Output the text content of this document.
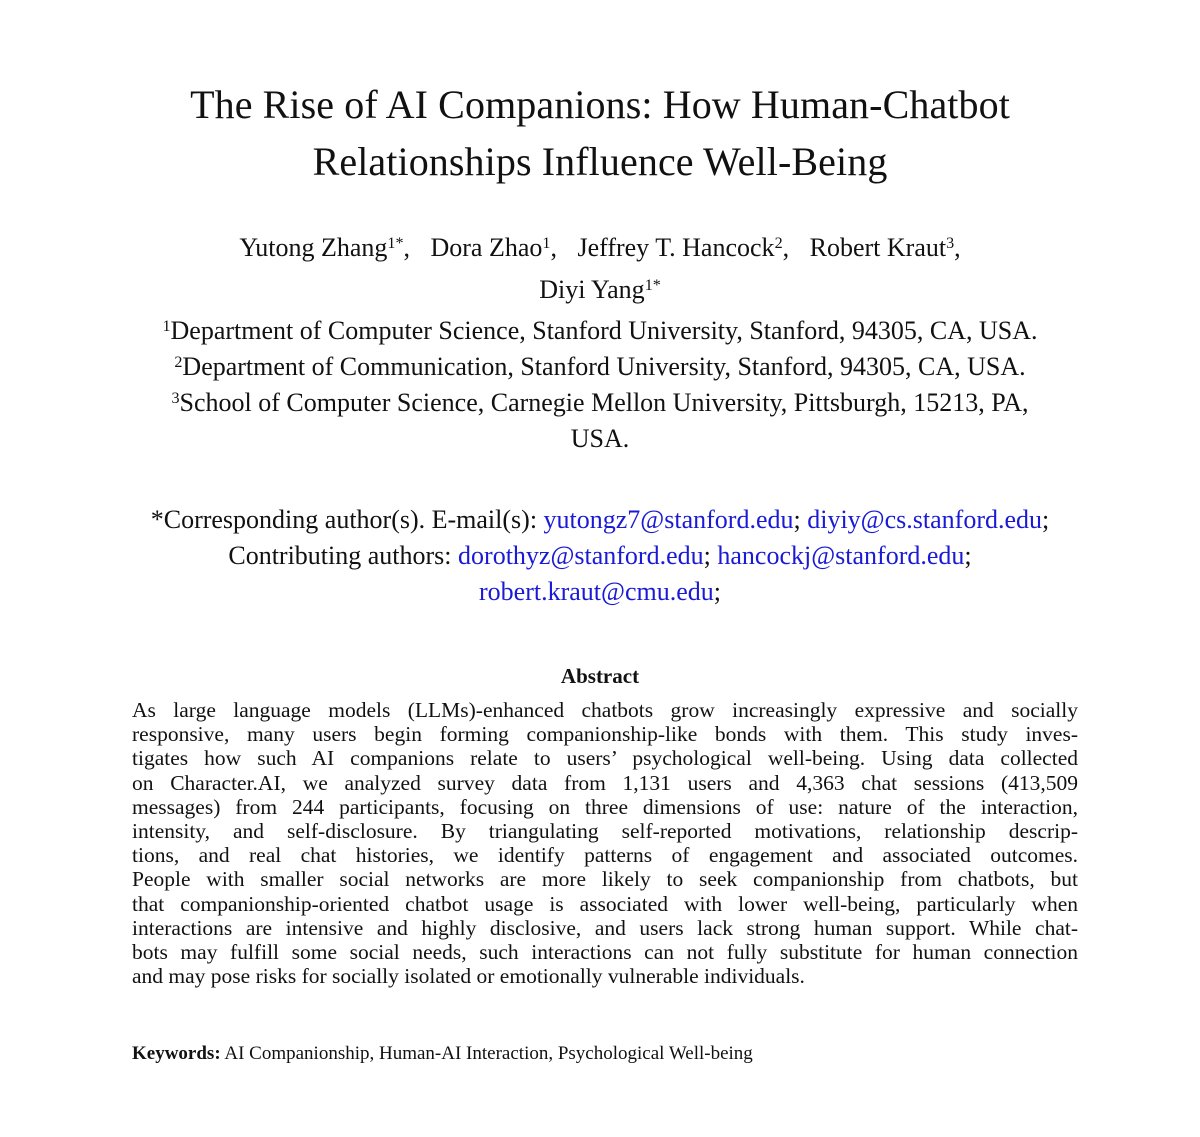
The Rise of AI Companions: How Human-Chatbot
Relationships Influence Well-Being
Yutong Zhang$^{1*}$, Dora Zhao$^1$, Jeffrey T. Hancock$^2$, Robert Kraut$^3$,
Diyi Yang$^{1*}$
$^1$Department of Computer Science, Stanford University, Stanford, 94305, CA, USA.
$^2$Department of Communication, Stanford University, Stanford, 94305, CA, USA.
$^3$School of Computer Science, Carnegie Mellon University, Pittsburgh, 15213, PA,
USA.
*Corresponding author(s). E-mail(s): yutongz7@stanford.edu; diyiy@cs.stanford.edu;
Contributing authors: dorothyz@stanford.edu; hancockj@stanford.edu;
robert.kraut@cmu.edu;
Abstract
As large language models (LLMs)-enhanced chatbots grow increasingly expressive and socially
responsive, many users begin forming companionship-like bonds with them. This study inves-
tigates how such AI companions relate to users’ psychological well-being. Using data collected
on Character.AI, we analyzed survey data from 1,131 users and 4,363 chat sessions (413,509
messages) from 244 participants, focusing on three dimensions of use: nature of the interaction,
intensity, and self-disclosure. By triangulating self-reported motivations, relationship descrip-
tions, and real chat histories, we identify patterns of engagement and associated outcomes.
People with smaller social networks are more likely to seek companionship from chatbots, but
that companionship-oriented chatbot usage is associated with lower well-being, particularly when
interactions are intensive and highly disclosive, and users lack strong human support. While chat-
bots may fulfill some social needs, such interactions can not fully substitute for human connection
and may pose risks for socially isolated or emotionally vulnerable individuals.
Keywords: AI Companionship, Human-AI Interaction, Psychological Well-being
